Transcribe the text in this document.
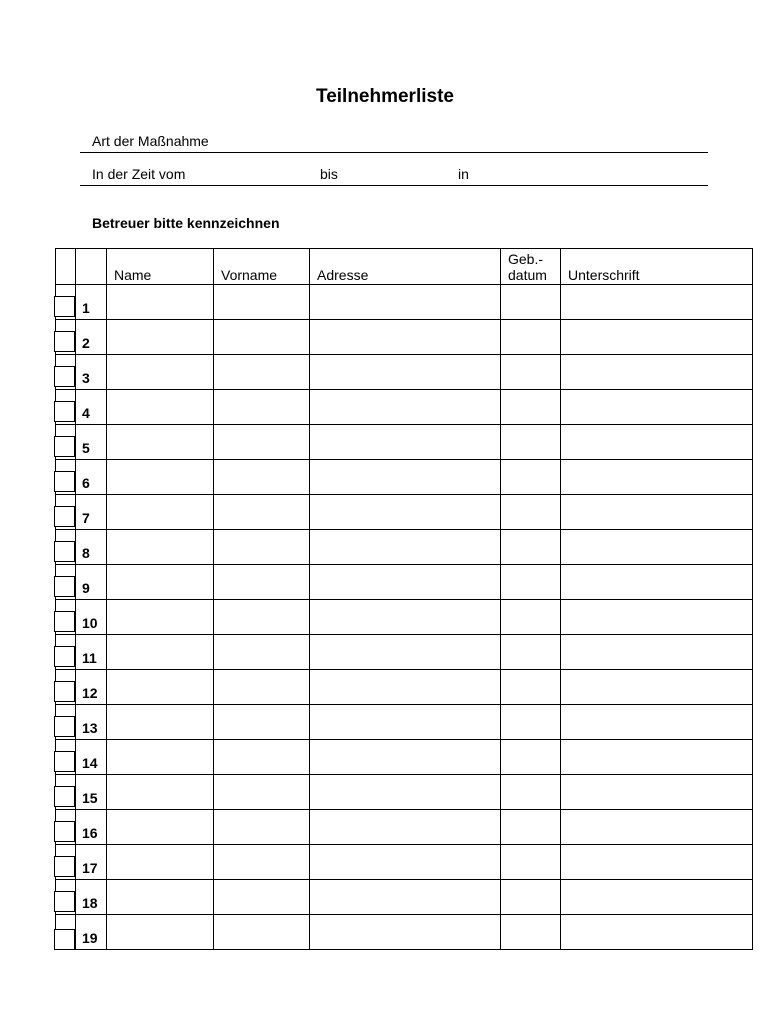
Teilnehmerliste
Art der Maßnahme
In der Zeit vom	bis	in
Betreuer bitte kennzeichnen
		Name	Vorname	Adresse	Geb.-
datum	Unterschrift

	1					

	2					

	3					

	4					

	5					

	6					

	7					

	8					

	9					

	10					

	11					

	12					

	13					

	14					

	15					

	16					

	17					

	18					

	19					
